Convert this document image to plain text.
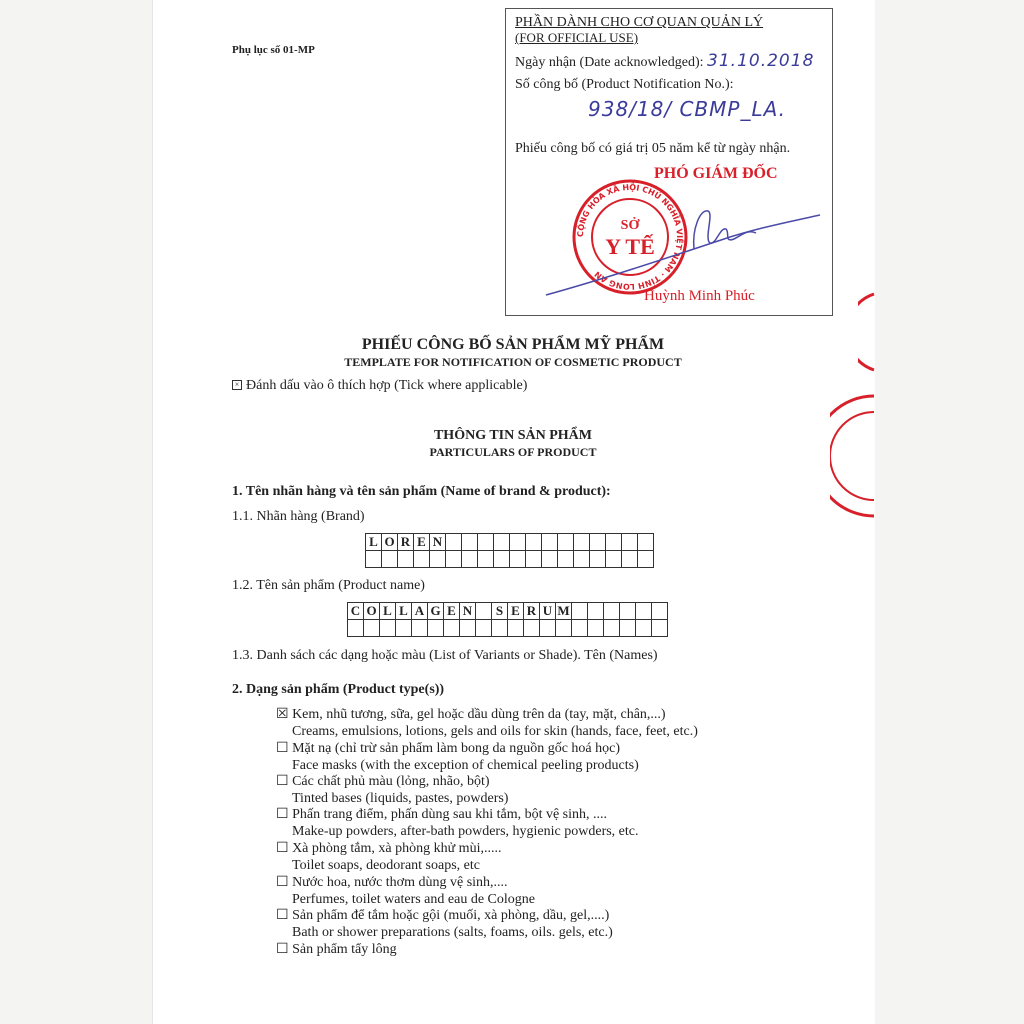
Phụ lục số 01-MP
PHẦN DÀNH CHO CƠ QUAN QUẢN LÝ
(FOR OFFICIAL USE)
Ngày nhận (Date acknowledged): 31.10.2018
Số công bố (Product Notification No.):
938/18/ CBMP_LA.
Phiếu công bố có giá trị 05 năm kể từ ngày nhận.
PHÓ GIÁM ĐỐC
CỘNG HÒA XÃ HỘI CHỦ NGHĨA VIỆT NAM · TỈNH LONG AN
SỞ
Y TẾ
Huỳnh Minh Phúc
PHIẾU CÔNG BỐ SẢN PHẨM MỸ PHẨM
TEMPLATE FOR NOTIFICATION OF COSMETIC PRODUCT
× Đánh dấu vào ô thích hợp (Tick where applicable)
THÔNG TIN SẢN PHẨM
PARTICULARS OF PRODUCT
1. Tên nhãn hàng và tên sản phẩm (Name of brand & product):
1.1. Nhãn hàng (Brand)
L	O	R	E	N													

1.2. Tên sản phẩm (Product name)
C	O	L	L	A	G	E	N		S	E	R	U	M						

1.3. Danh sách các dạng hoặc màu (List of Variants or Shade). Tên (Names)
2. Dạng sản phẩm (Product type(s))
☒ Kem, nhũ tương, sữa, gel hoặc dầu dùng trên da (tay, mặt, chân,...)
Creams, emulsions, lotions, gels and oils for skin (hands, face, feet, etc.)
☐ Mặt nạ (chỉ trừ sản phẩm làm bong da nguồn gốc hoá học)
Face masks (with the exception of chemical peeling products)
☐ Các chất phủ màu (lỏng, nhão, bột)
Tinted bases (liquids, pastes, powders)
☐ Phấn trang điểm, phấn dùng sau khi tắm, bột vệ sinh, ....
Make-up powders, after-bath powders, hygienic powders, etc.
☐ Xà phòng tắm, xà phòng khử mùi,.....
Toilet soaps, deodorant soaps, etc
☐ Nước hoa, nước thơm dùng vệ sinh,....
Perfumes, toilet waters and eau de Cologne
☐ Sản phẩm để tắm hoặc gội (muối, xà phòng, dầu, gel,....)
Bath or shower preparations (salts, foams, oils. gels, etc.)
☐ Sản phẩm tẩy lông
